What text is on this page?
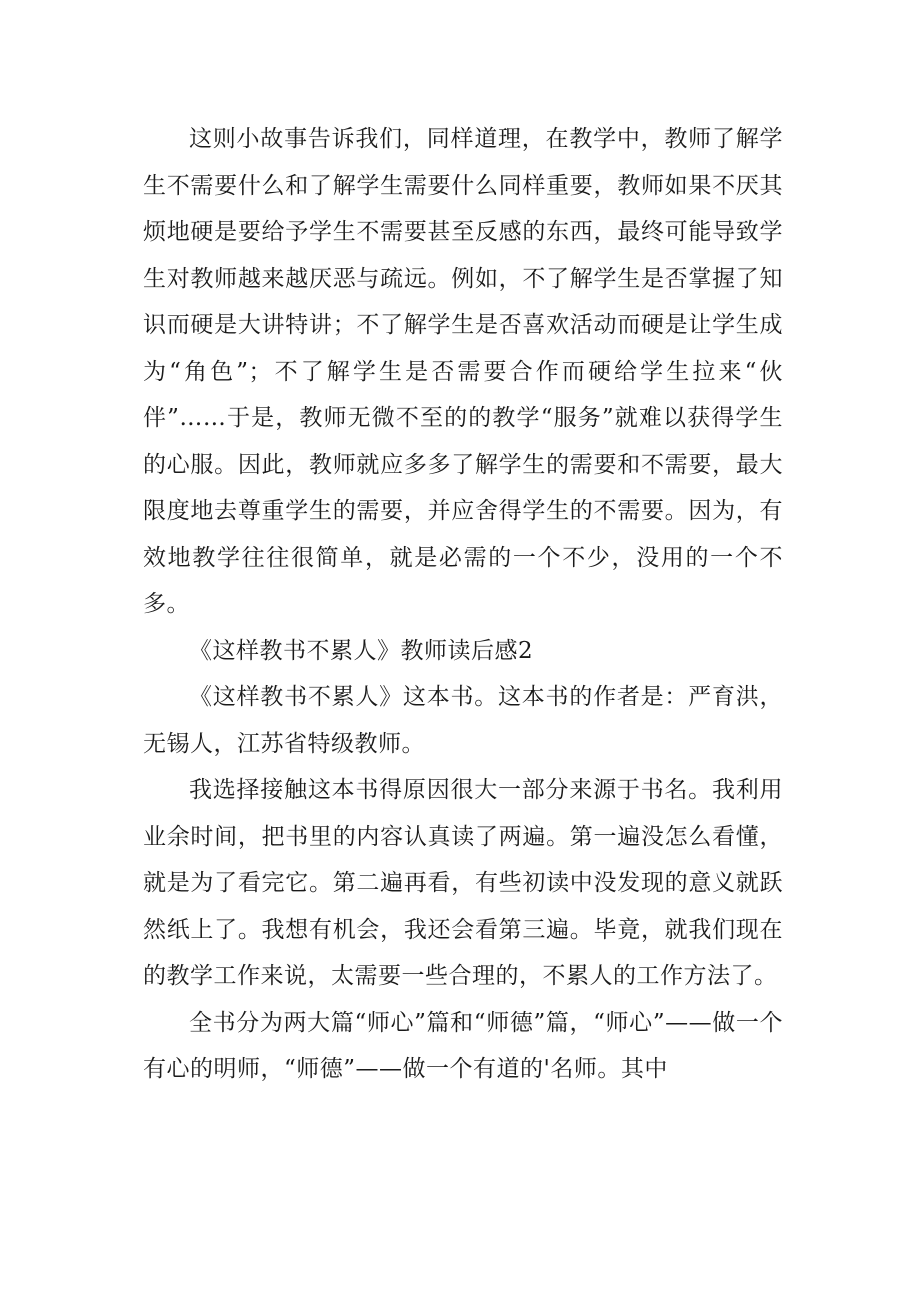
这则小故事告诉我们，同样道理，在教学中，教师了解学生不需要什么和了解学生需要什么同样重要，教师如果不厌其烦地硬是要给予学生不需要甚至反感的东西，最终可能导致学生对教师越来越厌恶与疏远。例如，不了解学生是否掌握了知识而硬是大讲特讲；不了解学生是否喜欢活动而硬是让学生成为“角色”；不了解学生是否需要合作而硬给学生拉来“伙伴”……于是，教师无微不至的的教学“服务”就难以获得学生的心服。因此，教师就应多多了解学生的需要和不需要，最大限度地去尊重学生的需要，并应舍得学生的不需要。因为，有效地教学往往很简单，就是必需的一个不少，没用的一个不多。

《这样教书不累人》教师读后感2

《这样教书不累人》这本书。这本书的作者是：严育洪，无锡人，江苏省特级教师。

我选择接触这本书得原因很大一部分来源于书名。我利用业余时间，把书里的内容认真读了两遍。第一遍没怎么看懂，就是为了看完它。第二遍再看，有些初读中没发现的意义就跃然纸上了。我想有机会，我还会看第三遍。毕竟，就我们现在的教学工作来说，太需要一些合理的，不累人的工作方法了。

全书分为两大篇“师心”篇和“师德”篇，“师心”——做一个有心的明师，“师德”——做一个有道的'名师。其中
